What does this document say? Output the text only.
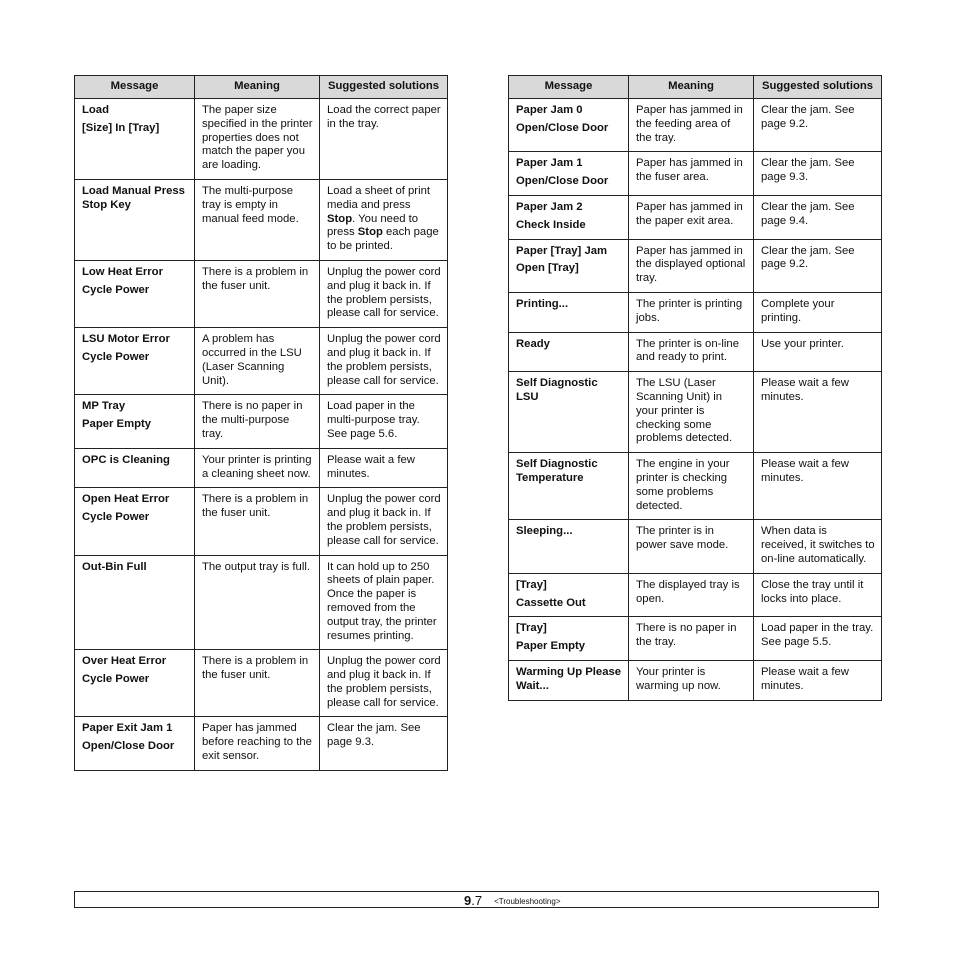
Message	Meaning	Suggested solutions

Load
[Size] In [Tray]	The paper size specified in the printer properties does not match the paper you are loading.	Load the correct paper in the tray.

Load Manual Press Stop Key	The multi-purpose tray is empty in manual feed mode.	Load a sheet of print media and press Stop. You need to press Stop each page to be printed.

Low Heat Error
Cycle Power	There is a problem in the fuser unit.	Unplug the power cord and plug it back in. If the problem persists, please call for service.

LSU Motor Error
Cycle Power	A problem has occurred in the LSU (Laser Scanning Unit).	Unplug the power cord and plug it back in. If the problem persists, please call for service.

MP Tray
Paper Empty	There is no paper in the multi-purpose tray.	Load paper in the multi-purpose tray. See page 5.6.

OPC is Cleaning	Your printer is printing a cleaning sheet now.	Please wait a few minutes.

Open Heat Error
Cycle Power	There is a problem in the fuser unit.	Unplug the power cord and plug it back in. If the problem persists, please call for service.

Out-Bin Full	The output tray is full.	It can hold up to 250 sheets of plain paper. Once the paper is removed from the output tray, the printer resumes printing.

Over Heat Error
Cycle Power	There is a problem in the fuser unit.	Unplug the power cord and plug it back in. If the problem persists, please call for service.

Paper Exit Jam 1
Open/Close Door	Paper has jammed before reaching to the exit sensor.	Clear the jam. See page 9.3.
Message	Meaning	Suggested solutions

Paper Jam 0
Open/Close Door	Paper has jammed in the feeding area of the tray.	Clear the jam. See page 9.2.

Paper Jam 1
Open/Close Door	Paper has jammed in the fuser area.	Clear the jam. See page 9.3.

Paper Jam 2
Check Inside	Paper has jammed in the paper exit area.	Clear the jam. See page 9.4.

Paper [Tray] Jam
Open [Tray]	Paper has jammed in the displayed optional tray.	Clear the jam. See page 9.2.

Printing...	The printer is printing jobs.	Complete your printing.

Ready	The printer is on-line and ready to print.	Use your printer.

Self Diagnostic LSU	The LSU (Laser Scanning Unit) in your printer is checking some problems detected.	Please wait a few minutes.

Self Diagnostic Temperature	The engine in your printer is checking some problems detected.	Please wait a few minutes.

Sleeping...	The printer is in power save mode.	When data is received, it switches to on-line automatically.

[Tray]
Cassette Out	The displayed tray is open.	Close the tray until it locks into place.

[Tray]
Paper Empty	There is no paper in the tray.	Load paper in the tray. See page 5.5.

Warming Up Please Wait...	Your printer is warming up now.	Please wait a few minutes.
9.7 <Troubleshooting>
